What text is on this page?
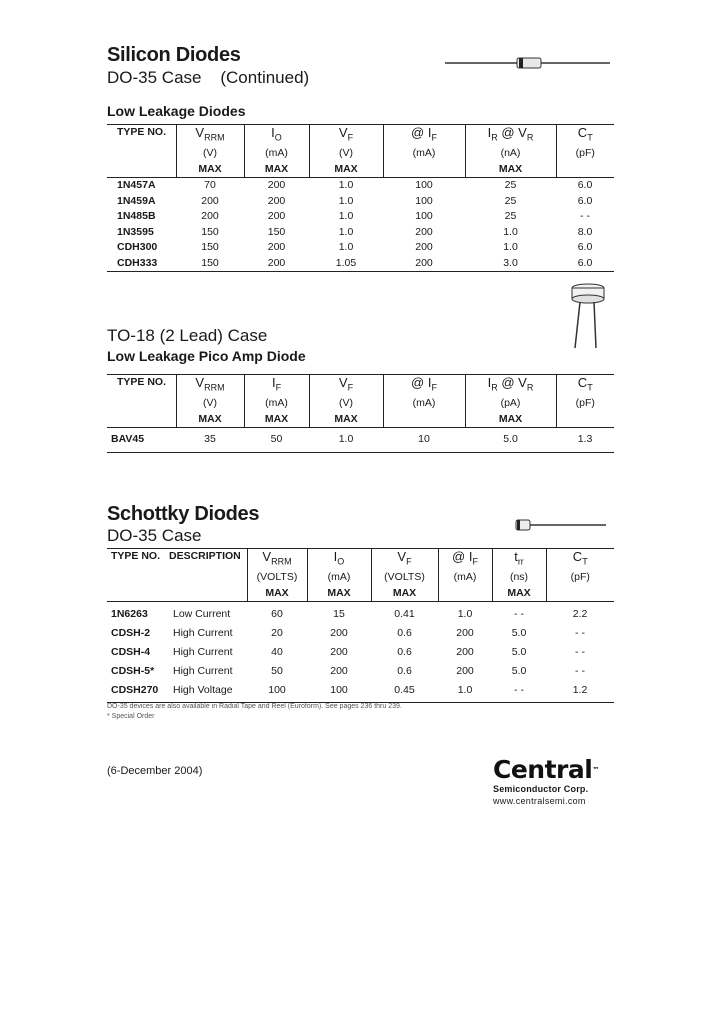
Silicon Diodes
DO-35 Case    (Continued)
Low Leakage Diodes
TYPE NO.	$V_{RRM}$	$I_O$	$V_F$	@ $I_F$	$I_R$ @ $V_R$	$C_T$
	(V)	(mA)	(V)	(mA)	(nA)	(pF)
	MAX	MAX	MAX		MAX	
1N457A	70	200	1.0	100	25	6.0
1N459A	200	200	1.0	100	25	6.0
1N485B	200	200	1.0	100	25	- -
1N3595	150	150	1.0	200	1.0	8.0
CDH300	150	200	1.0	200	1.0	6.0
CDH333	150	200	1.05	200	3.0	6.0
TO-18 (2 Lead) Case
Low Leakage Pico Amp Diode
TYPE NO.	$V_{RRM}$	$I_F$	$V_F$	@ $I_F$	$I_R$ @ $V_R$	$C_T$
	(V)	(mA)	(V)	(mA)	(pA)	(pF)
	MAX	MAX	MAX		MAX	
BAV45	35	50	1.0	10	5.0	1.3
Schottky Diodes
DO-35 Case
TYPE NO.	DESCRIPTION	$V_{RRM}$	$I_O$	$V_F$	@ $I_F$	$t_{rr}$	$C_T$
		(VOLTS)	(mA)	(VOLTS)	(mA)	(ns)	(pF)
		MAX	MAX	MAX		MAX	
1N6263	Low Current	60	15	0.41	1.0	- -	2.2
CDSH-2	High Current	20	200	0.6	200	5.0	- -
CDSH-4	High Current	40	200	0.6	200	5.0	- -
CDSH-5*	High Current	50	200	0.6	200	5.0	- -
CDSH270	High Voltage	100	100	0.45	1.0	- -	1.2
DO-35 devices are also available in Radial Tape and Reel (Euroform). See pages 236 thru 239.
* Special Order
(6-December 2004)	Central™
Semiconductor Corp.
www.centralsemi.com
